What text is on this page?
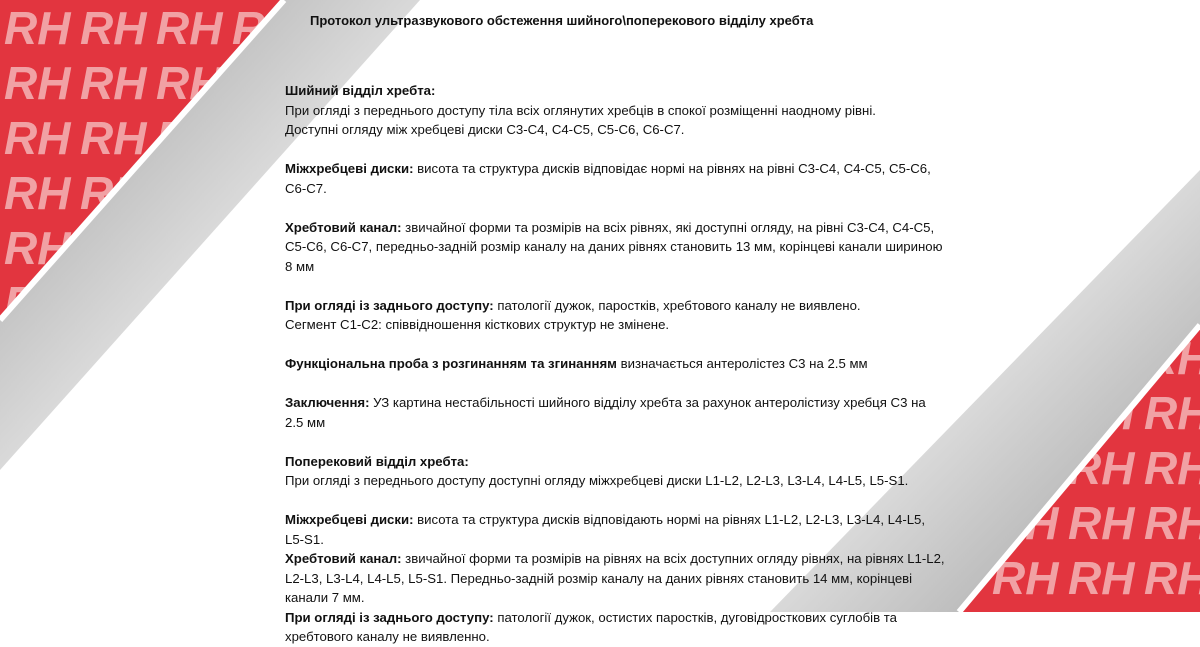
Протокол ультразвукового обстеження шийного\поперекового відділу хребта

Шийний відділ хребта:
При огляді з переднього доступу тіла всіх оглянутих хребців в спокої розміщенні наодному рівні.
Доступні огляду між хребцеві диски С3-С4, С4-С5, С5-С6, С6-С7.

Міжхребцеві диски: висота та структура дисків відповідає нормі на рівнях на рівні С3-С4, С4-С5, С5-С6, С6-С7.

Хребтовий канал: звичайної форми та розмірів на всіх рівнях, які доступні огляду, на рівні С3-С4, С4-С5, С5-С6, С6-С7, передньо-задній розмір каналу на даних рівнях становить 13 мм, корінцеві канали шириною 8 мм

При огляді із заднього доступу: патології дужок, паростків, хребтового каналу не виявлено.
Сегмент С1-С2: співвідношення кісткових структур не змінене.

Функціональна проба з розгинанням та згинанням визначається антеролістез С3 на 2.5 мм

Заключення: УЗ картина нестабільності шийного відділу хребта за рахунок антеролістизу хребця С3 на 2.5 мм

Поперековий відділ хребта:
При огляді з переднього доступу доступні огляду міжхребцеві диски L1-L2, L2-L3, L3-L4, L4-L5, L5-S1.

Міжхребцеві диски: висота та структура дисків відповідають нормі на рівнях L1-L2, L2-L3, L3-L4, L4-L5, L5-S1.

Хребтовий канал: звичайної форми та розмірів на рівнях на всіх доступних огляду рівнях, на рівнях L1-L2, L2-L3, L3-L4, L4-L5, L5-S1. Передньо-задній розмір каналу на даних рівнях становить 14 мм, корінцеві канали 7 мм.

При огляді із заднього доступу: патології дужок, остистих паростків, дуговідросткових суглобів та хребтового каналу не виявленно.
